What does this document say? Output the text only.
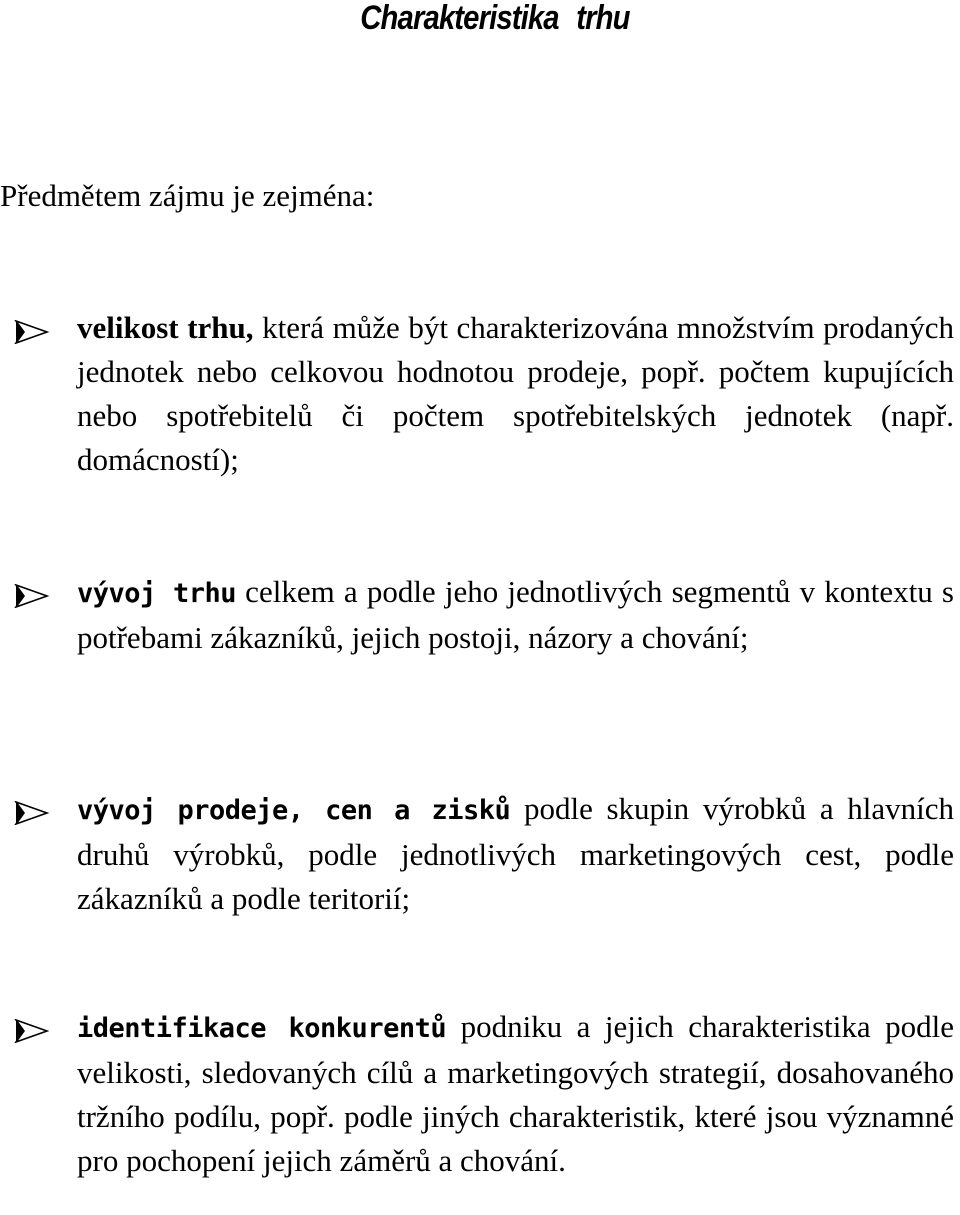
Charakteristika trhu
Předmětem zájmu je zejména:

velikost trhu, která může být charakterizována množstvím prodaných jednotek nebo celkovou hodnotou prodeje, popř. počtem kupujících nebo spotřebitelů či počtem spotřebitelských jednotek (např. domácností);

vývoj trhu celkem a podle jeho jednotlivých segmentů v kontextu s potřebami zákazníků, jejich postoji, názory a chování;

vývoj prodeje, cen a zisků podle skupin výrobků a hlavních druhů výrobků, podle jednotlivých marketingových cest, podle zákazníků a podle teritorií;

identifikace konkurentů podniku a jejich charakteristika podle velikosti, sledovaných cílů a marketingových strategií, dosahovaného tržního podílu, popř. podle jiných charakteristik, které jsou významné pro pochopení jejich záměrů a chování.
